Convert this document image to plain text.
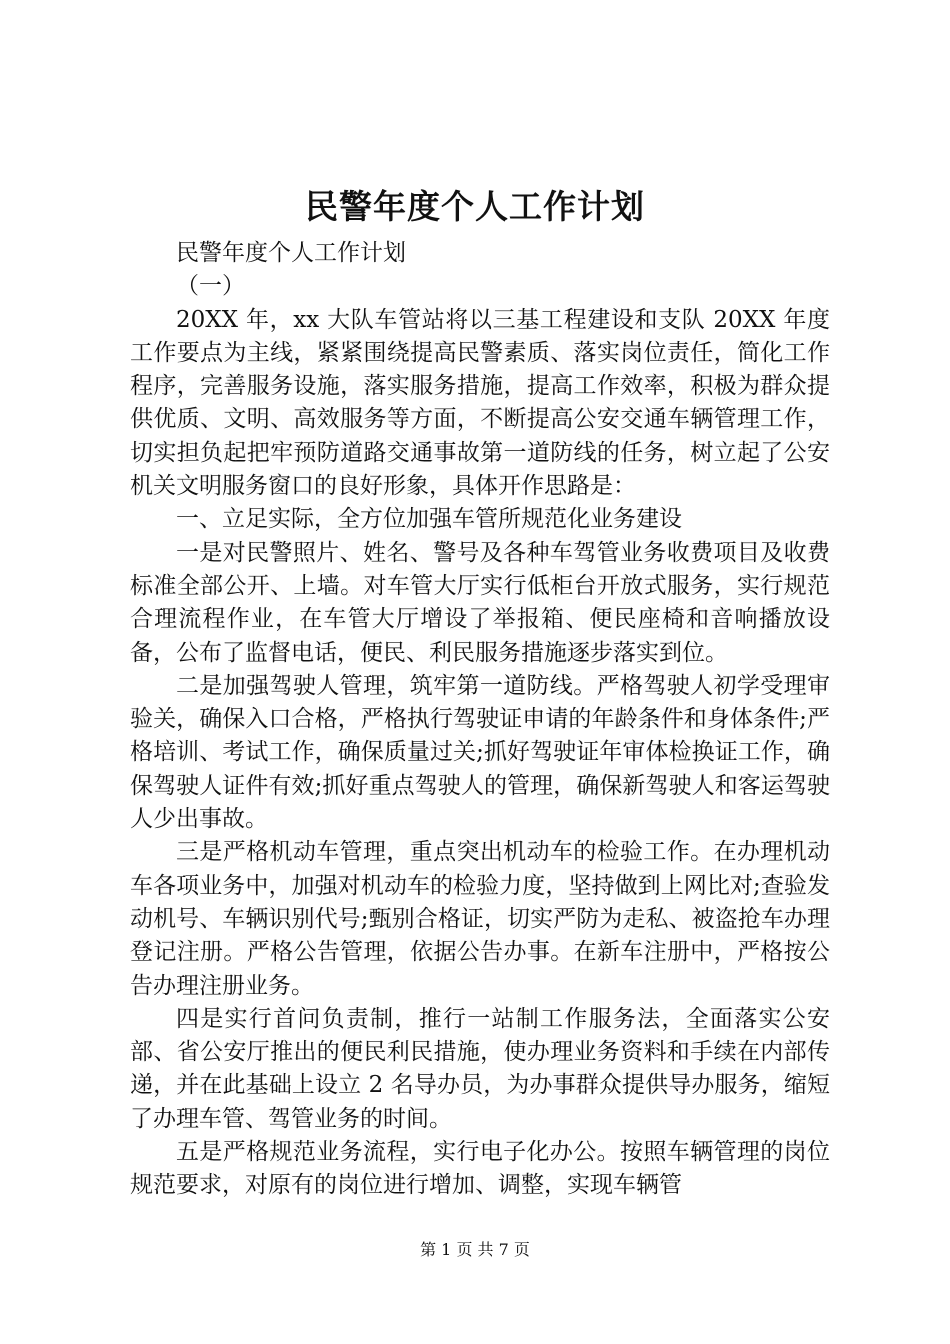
民警年度个人工作计划

民警年度个人工作计划

（一）

20XX 年，xx 大队车管站将以三基工程建设和支队 20XX 年度工作要点为主线，紧紧围绕提高民警素质、落实岗位责任，简化工作程序，完善服务设施，落实服务措施，提高工作效率，积极为群众提供优质、文明、高效服务等方面，不断提高公安交通车辆管理工作，切实担负起把牢预防道路交通事故第一道防线的任务，树立起了公安机关文明服务窗口的良好形象，具体开作思路是：

一、立足实际，全方位加强车管所规范化业务建设

一是对民警照片、姓名、警号及各种车驾管业务收费项目及收费标准全部公开、上墙。对车管大厅实行低柜台开放式服务，实行规范合理流程作业，在车管大厅增设了举报箱、便民座椅和音响播放设备，公布了监督电话，便民、利民服务措施逐步落实到位。

二是加强驾驶人管理，筑牢第一道防线。严格驾驶人初学受理审验关，确保入口合格，严格执行驾驶证申请的年龄条件和身体条件;严格培训、考试工作，确保质量过关;抓好驾驶证年审体检换证工作，确保驾驶人证件有效;抓好重点驾驶人的管理，确保新驾驶人和客运驾驶人少出事故。

三是严格机动车管理，重点突出机动车的检验工作。在办理机动车各项业务中，加强对机动车的检验力度，坚持做到上网比对;查验发动机号、车辆识别代号;甄别合格证，切实严防为走私、被盗抢车办理登记注册。严格公告管理，依据公告办事。在新车注册中，严格按公告办理注册业务。

四是实行首问负责制，推行一站制工作服务法，全面落实公安部、省公安厅推出的便民利民措施，使办理业务资料和手续在内部传递，并在此基础上设立 2 名导办员，为办事群众提供导办服务，缩短了办理车管、驾管业务的时间。

五是严格规范业务流程，实行电子化办公。按照车辆管理的岗位规范要求，对原有的岗位进行增加、调整，实现车辆管

第 1 页 共 7 页
